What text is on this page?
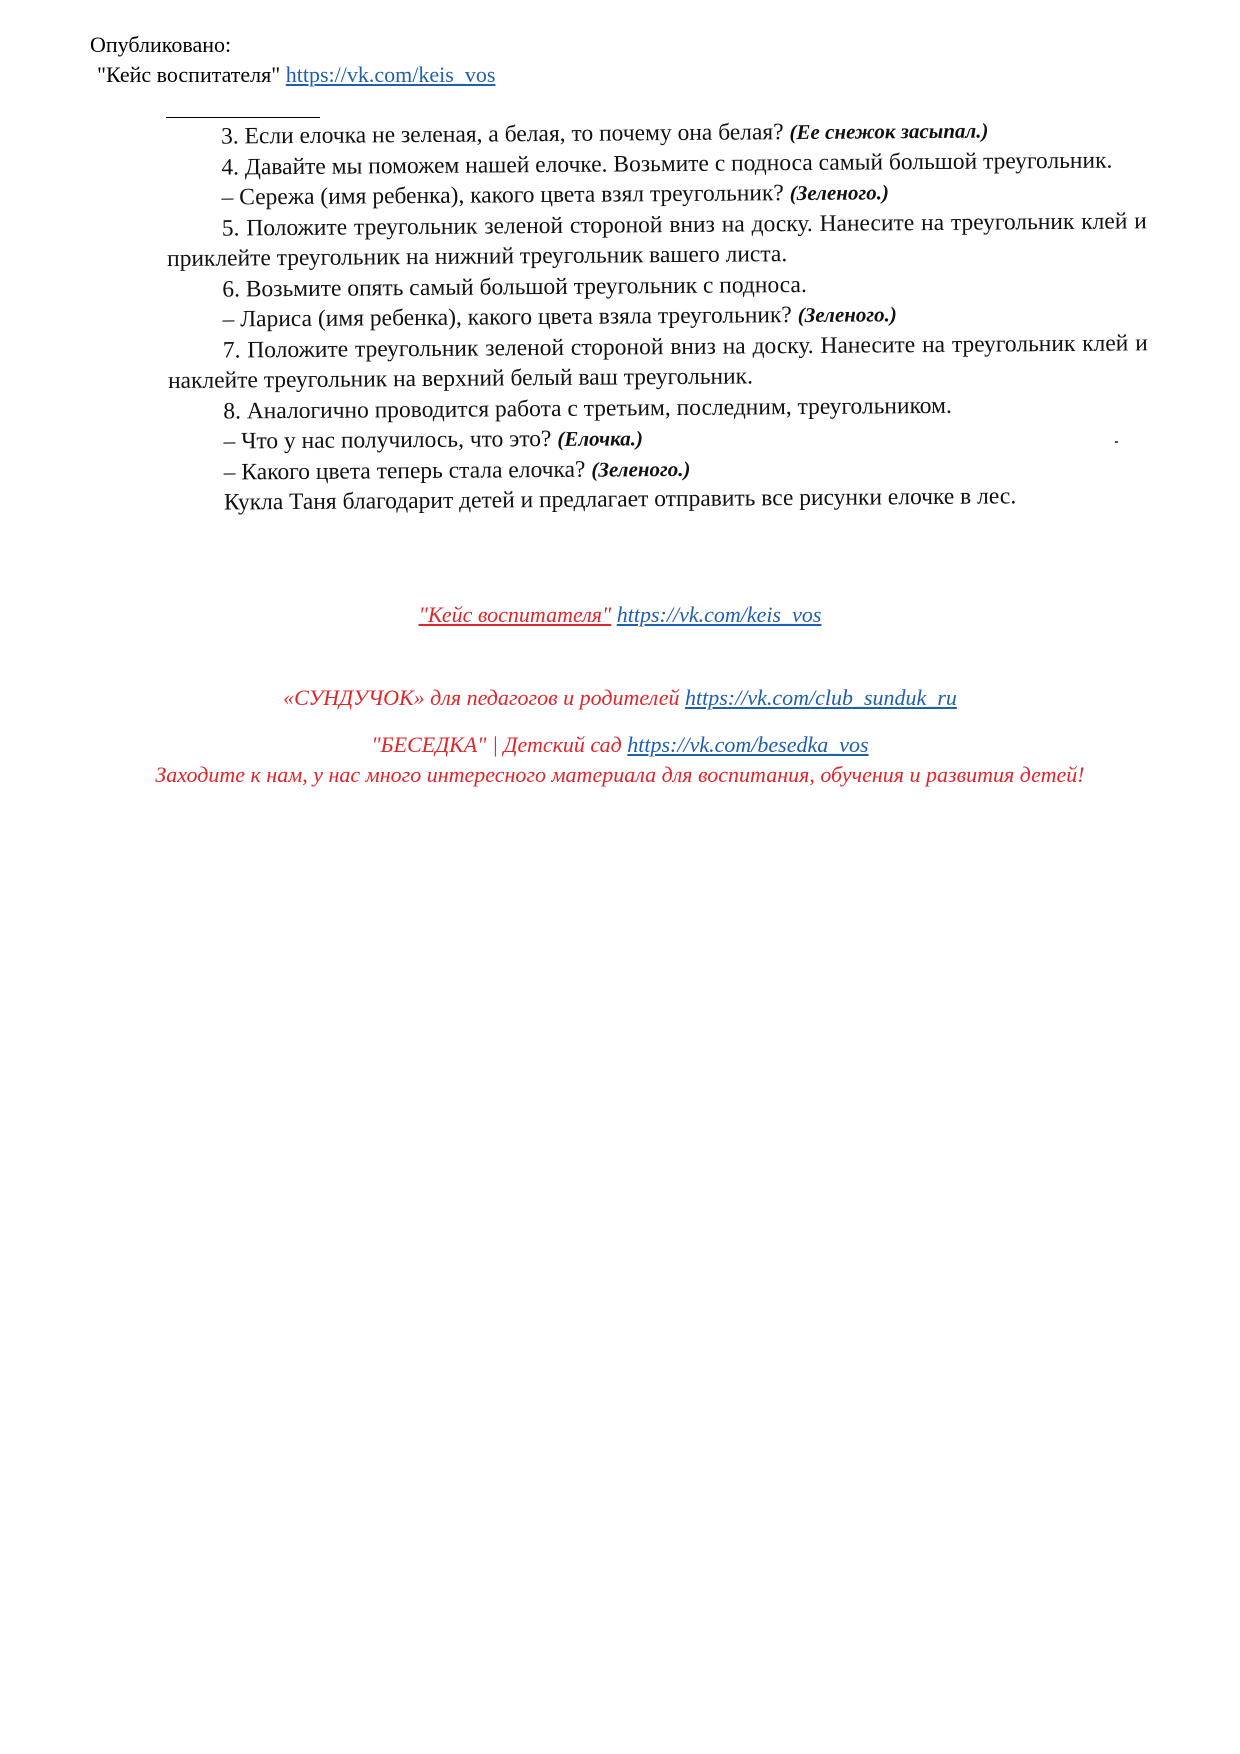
Опубликовано:
"Кейс воспитателя" https://vk.com/keis_vos

3. Если елочка не зеленая, а белая, то почему она белая? (Ее снежок засыпал.)

4. Давайте мы поможем нашей елочке. Возьмите с подноса самый большой треугольник.

– Сережа (имя ребенка), какого цвета взял треугольник? (Зеленого.)

5. Положите треугольник зеленой стороной вниз на доску. Нанесите на треугольник клей и приклейте треугольник на нижний треугольник вашего листа.

6. Возьмите опять самый большой треугольник с подноса.

– Лариса (имя ребенка), какого цвета взяла треугольник? (Зеленого.)

7. Положите треугольник зеленой стороной вниз на доску. Нанесите на треугольник клей и наклейте треугольник на верхний белый ваш треугольник.

8. Аналогично проводится работа с третьим, последним, треугольником.

– Что у нас получилось, что это? (Елочка.)

– Какого цвета теперь стала елочка? (Зеленого.)

Кукла Таня благодарит детей и предлагает отправить все рисунки елочке в лес.

"Кейс воспитателя" https://vk.com/keis_vos
«СУНДУЧОК» для педагогов и родителей https://vk.com/club_sunduk_ru
"БЕСЕДКА" | Детский сад https://vk.com/besedka_vos
Заходите к нам, у нас много интересного материала для воспитания, обучения и развития детей!
